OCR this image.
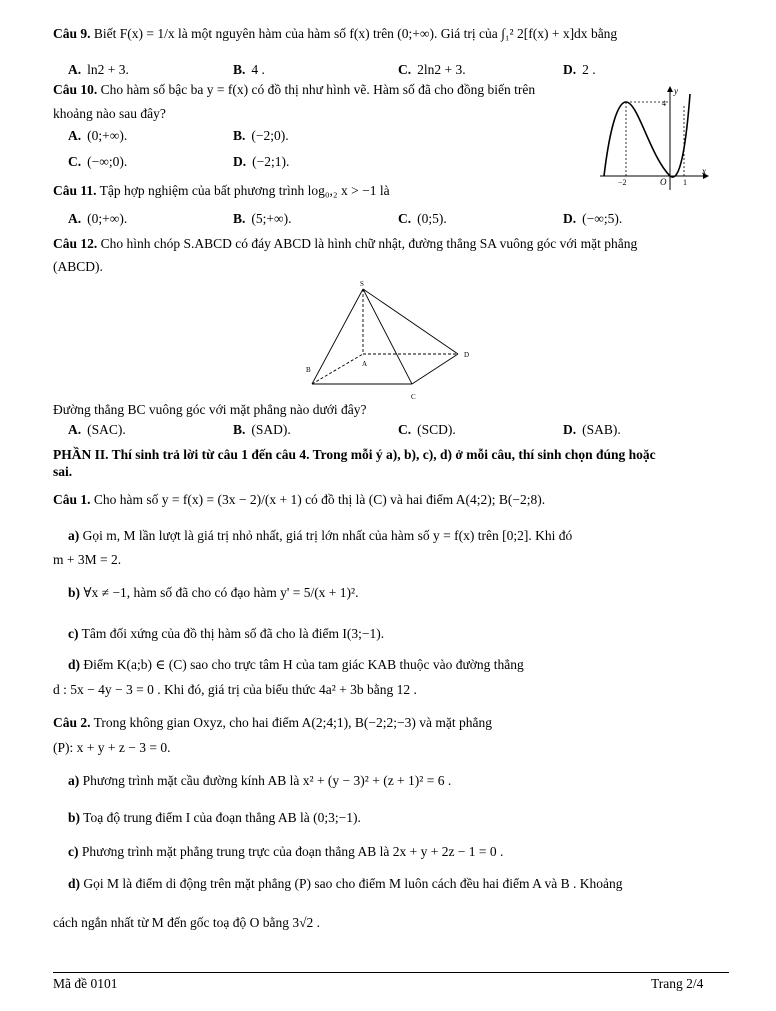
Câu 9. Biết F(x) = 1/x là một nguyên hàm của hàm số f(x) trên (0;+∞). Giá trị của ∫₁² 2[f(x) + x]dx bằng
A. ln2 + 3.	B. 4 .	C. 2ln2 + 3.	D. 2 .
Câu 10. Cho hàm số bậc ba y = f(x) có đồ thị như hình vẽ. Hàm số đã cho đồng biến trên
khoảng nào sau đây?
A. (0;+∞).	B. (−2;0).
C. (−∞;0).	D. (−2;1).
y
x
4
−2	O 1
Câu 11. Tập hợp nghiệm của bất phương trình log₀,₂ x > −1 là
A. (0;+∞).	B. (5;+∞).	C. (0;5).	D. (−∞;5).
Câu 12. Cho hình chóp S.ABCD có đáy ABCD là hình chữ nhật, đường thẳng SA vuông góc với mặt phẳng
(ABCD).
S
A
B
C
D
Đường thẳng BC vuông góc với mặt phẳng nào dưới đây?
A. (SAC).	B. (SAD).	C. (SCD).	D. (SAB).
PHẦN II. Thí sinh trả lời từ câu 1 đến câu 4. Trong mỗi ý a), b), c), d) ở mỗi câu, thí sinh chọn đúng hoặc
sai.
Câu 1. Cho hàm số y = f(x) = (3x − 2)/(x + 1) có đồ thị là (C) và hai điểm A(4;2); B(−2;8).
a) Gọi m, M lần lượt là giá trị nhỏ nhất, giá trị lớn nhất của hàm số y = f(x) trên [0;2]. Khi đó
m + 3M = 2.
b) ∀x ≠ −1, hàm số đã cho có đạo hàm y' = 5/(x + 1)².
c) Tâm đối xứng của đồ thị hàm số đã cho là điểm I(3;−1).
d) Điểm K(a;b) ∈ (C) sao cho trực tâm H của tam giác KAB thuộc vào đường thẳng
d : 5x − 4y − 3 = 0 . Khi đó, giá trị của biểu thức 4a² + 3b bằng 12 .
Câu 2. Trong không gian Oxyz, cho hai điểm A(2;4;1), B(−2;2;−3) và mặt phẳng
(P): x + y + z − 3 = 0.
a) Phương trình mặt cầu đường kính AB là x² + (y − 3)² + (z + 1)² = 6 .
b) Toạ độ trung điểm I của đoạn thẳng AB là (0;3;−1).
c) Phương trình mặt phẳng trung trực của đoạn thẳng AB là 2x + y + 2z − 1 = 0 .
d) Gọi M là điểm di động trên mặt phẳng (P) sao cho điểm M luôn cách đều hai điểm A và B . Khoảng
cách ngắn nhất từ M đến gốc toạ độ O bằng 3√2 .
Mã đề 0101	Trang 2/4
